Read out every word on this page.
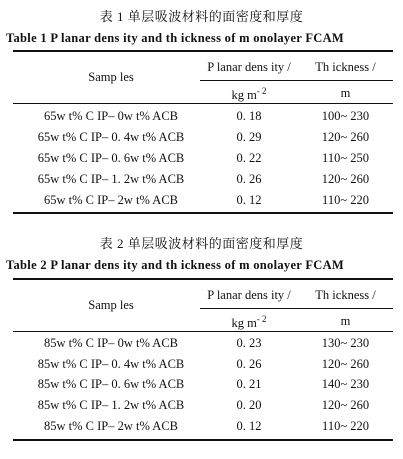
表 1 单层吸波材料的面密度和厚度
Table 1 P lanar dens ity and th ickness of m onolayer FCAM
Samp les
P lanar dens ity /	Th ickness /
kg $m^{- 2}$	m
65w t% C IP– 0w t% ACB	0. 18	100~ 230
65w t% C IP– 0. 4w t% ACB	0. 29	120~ 260
65w t% C IP– 0. 6w t% ACB	0. 22	110~ 250
65w t% C IP– 1. 2w t% ACB	0. 26	120~ 260
65w t% C IP– 2w t% ACB	0. 12	110~ 220
表 2 单层吸波材料的面密度和厚度
Table 2 P lanar dens ity and th ickness of m onolayer FCAM
Samp les
P lanar dens ity /	Th ickness /
kg $m^{- 2}$	m
85w t% C IP– 0w t% ACB	0. 23	130~ 230
85w t% C IP– 0. 4w t% ACB	0. 26	120~ 260
85w t% C IP– 0. 6w t% ACB	0. 21	140~ 230
85w t% C IP– 1. 2w t% ACB	0. 20	120~ 260
85w t% C IP– 2w t% ACB	0. 12	110~ 220
